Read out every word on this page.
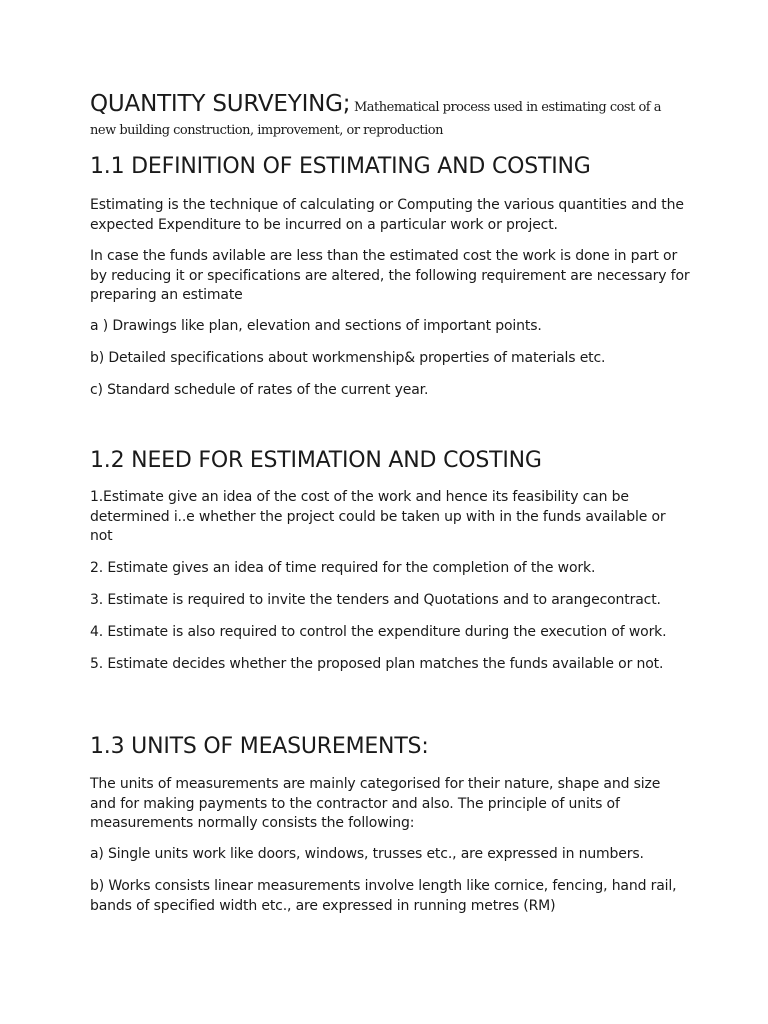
QUANTITY SURVEYING; Mathematical process used in estimating cost of a
new building construction, improvement, or reproduction
1.1 DEFINITION OF ESTIMATING AND COSTING

Estimating is the technique of calculating or Computing the various quantities and the expected Expenditure to be incurred on a particular work or project.

In case the funds avilable are less than the estimated cost the work is done in part or by reducing it or specifications are altered, the following requirement are necessary for preparing an estimate

a ) Drawings like plan, elevation and sections of important points.

b) Detailed specifications about workmenship& properties of materials etc.

c) Standard schedule of rates of the current year.

1.2 NEED FOR ESTIMATION AND COSTING

1.Estimate give an idea of the cost of the work and hence its feasibility can be determined i..e whether the project could be taken up with in the funds available or not

2. Estimate gives an idea of time required for the completion of the work.

3. Estimate is required to invite the tenders and Quotations and to arangecontract.

4. Estimate is also required to control the expenditure during the execution of work.

5. Estimate decides whether the proposed plan matches the funds available or not.

1.3 UNITS OF MEASUREMENTS:

The units of measurements are mainly categorised for their nature, shape and size and for making payments to the contractor and also. The principle of units of measurements normally consists the following:

a) Single units work like doors, windows, trusses etc., are expressed in numbers.

b) Works consists linear measurements involve length like cornice, fencing, hand rail, bands of specified width etc., are expressed in running metres (RM)
